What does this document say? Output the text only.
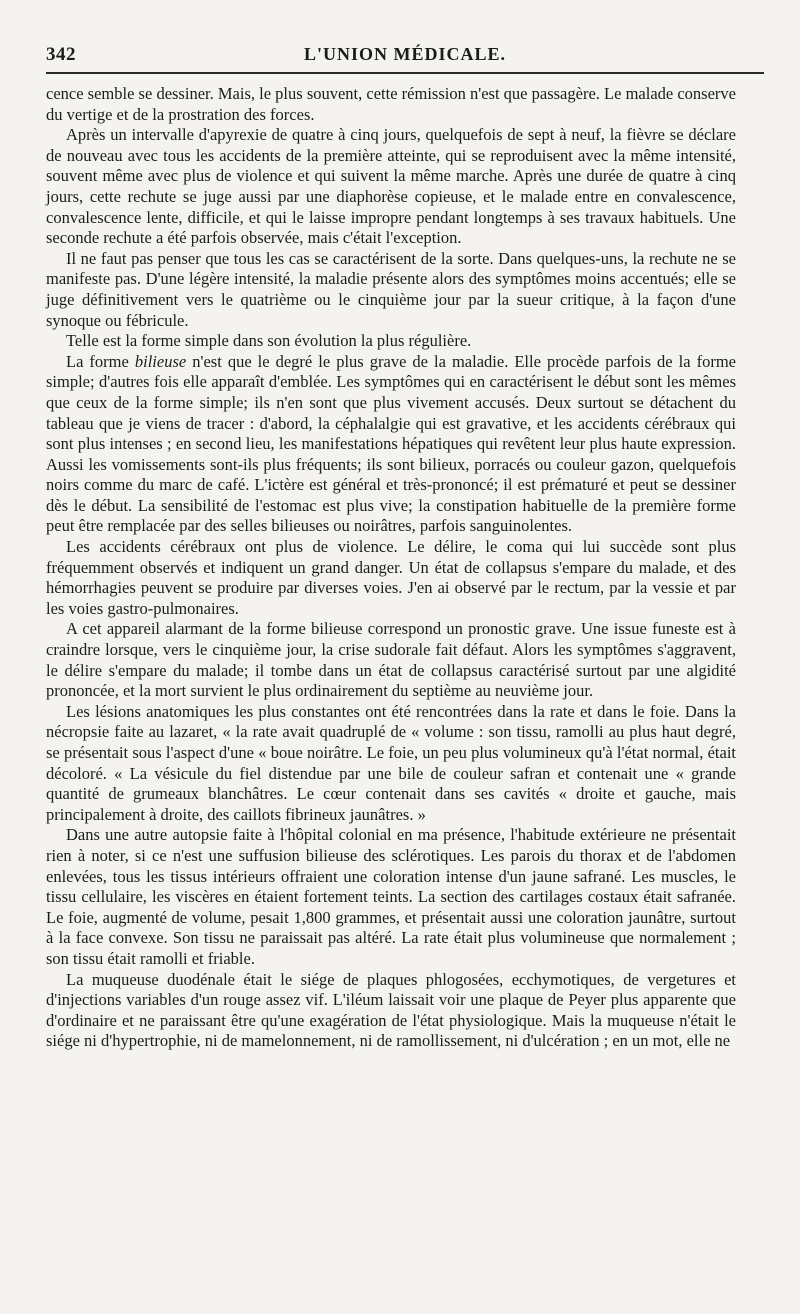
342	L'UNION MÉDICALE.

cence semble se dessiner. Mais, le plus souvent, cette rémission n'est que passagère. Le malade conserve du vertige et de la prostration des forces.

Après un intervalle d'apyrexie de quatre à cinq jours, quelquefois de sept à neuf, la fièvre se déclare de nouveau avec tous les accidents de la première atteinte, qui se reproduisent avec la même intensité, souvent même avec plus de violence et qui suivent la même marche. Après une durée de quatre à cinq jours, cette rechute se juge aussi par une diaphorèse copieuse, et le malade entre en convalescence, convalescence lente, difficile, et qui le laisse impropre pendant longtemps à ses travaux habituels. Une seconde rechute a été parfois observée, mais c'était l'exception.

Il ne faut pas penser que tous les cas se caractérisent de la sorte. Dans quelques-uns, la rechute ne se manifeste pas. D'une légère intensité, la maladie présente alors des symptômes moins accentués; elle se juge définitivement vers le quatrième ou le cinquième jour par la sueur critique, à la façon d'une synoque ou fébricule.

Telle est la forme simple dans son évolution la plus régulière.

La forme bilieuse n'est que le degré le plus grave de la maladie. Elle procède parfois de la forme simple; d'autres fois elle apparaît d'emblée. Les symptômes qui en caractérisent le début sont les mêmes que ceux de la forme simple; ils n'en sont que plus vivement accusés. Deux surtout se détachent du tableau que je viens de tracer : d'abord, la céphalalgie qui est gravative, et les accidents cérébraux qui sont plus intenses ; en second lieu, les manifestations hépatiques qui revêtent leur plus haute expression. Aussi les vomissements sont-ils plus fréquents; ils sont bilieux, porracés ou couleur gazon, quelquefois noirs comme du marc de café. L'ictère est général et très-prononcé; il est prématuré et peut se dessiner dès le début. La sensibilité de l'estomac est plus vive; la constipation habituelle de la première forme peut être remplacée par des selles bilieuses ou noirâtres, parfois sanguinolentes.

Les accidents cérébraux ont plus de violence. Le délire, le coma qui lui succède sont plus fréquemment observés et indiquent un grand danger. Un état de collapsus s'empare du malade, et des hémorrhagies peuvent se produire par diverses voies. J'en ai observé par le rectum, par la vessie et par les voies gastro-pulmonaires.

A cet appareil alarmant de la forme bilieuse correspond un pronostic grave. Une issue funeste est à craindre lorsque, vers le cinquième jour, la crise sudorale fait défaut. Alors les symptômes s'aggravent, le délire s'empare du malade; il tombe dans un état de collapsus caractérisé surtout par une algidité prononcée, et la mort survient le plus ordinairement du septième au neuvième jour.

Les lésions anatomiques les plus constantes ont été rencontrées dans la rate et dans le foie. Dans la nécropsie faite au lazaret, « la rate avait quadruplé de « volume : son tissu, ramolli au plus haut degré, se présentait sous l'aspect d'une « boue noirâtre. Le foie, un peu plus volumineux qu'à l'état normal, était décoloré. « La vésicule du fiel distendue par une bile de couleur safran et contenait une « grande quantité de grumeaux blanchâtres. Le cœur contenait dans ses cavités « droite et gauche, mais principalement à droite, des caillots fibrineux jaunâtres. »

Dans une autre autopsie faite à l'hôpital colonial en ma présence, l'habitude extérieure ne présentait rien à noter, si ce n'est une suffusion bilieuse des sclérotiques. Les parois du thorax et de l'abdomen enlevées, tous les tissus intérieurs offraient une coloration intense d'un jaune safrané. Les muscles, le tissu cellulaire, les viscères en étaient fortement teints. La section des cartilages costaux était safranée. Le foie, augmenté de volume, pesait 1,800 grammes, et présentait aussi une coloration jaunâtre, surtout à la face convexe. Son tissu ne paraissait pas altéré. La rate était plus volumineuse que normalement ; son tissu était ramolli et friable.

La muqueuse duodénale était le siége de plaques phlogosées, ecchymotiques, de vergetures et d'injections variables d'un rouge assez vif. L'iléum laissait voir une plaque de Peyer plus apparente que d'ordinaire et ne paraissant être qu'une exagération de l'état physiologique. Mais la muqueuse n'était le siége ni d'hypertrophie, ni de mamelonnement, ni de ramollissement, ni d'ulcération ; en un mot, elle ne
